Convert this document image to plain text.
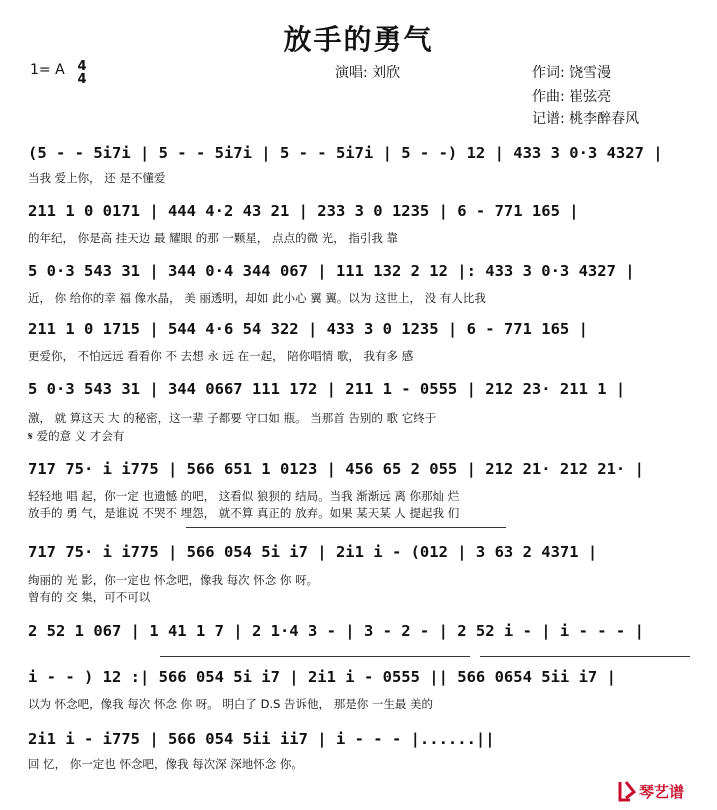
放手的勇气
1= A 4
4	演唱: 刘欣	作词: 饶雪漫
作曲: 崔弦亮
记谱: 桃李醉春风
(5 - - 5i7i | 5 - - 5i7i | 5 - - 5i7i | 5 - -) 12 | 433 3 0·3 4327 |
当我 爱上你， 还 是不懂爱
211 1 0 0171 | 444 4·2 43 21 | 233 3 0 1235 | 6 - 771 165 |
的年纪， 你是高 挂天边 最 耀眼 的那 一颗星， 点点的微 光， 指引我 靠
5 0·3 543 31 | 344 0·4 344 067 | 111 132 2 12 |: 433 3 0·3 4327 |
近， 你 给你的幸 福 像水晶， 美 丽透明，却如 此小心 翼 翼。以为 这世上， 没 有人比我
211 1 0 1715 | 544 4·6 54 322 | 433 3 0 1235 | 6 - 771 165 |
更爱你， 不怕远远 看看你 不 去想 永 远 在一起， 陪你唱情 歌， 我有多 感
5 0·3 543 31 | 344 0667 111 172 | 211 1 - 0555 | 212 23· 211 1 |
激， 就 算这天 大 的秘密，这一辈 子都要 守口如 瓶。 当那首 告别的 歌 它终于
𝄋 爱的意 义 才会有
717 75· i i775 | 566 651 1 0123 | 456 65 2 055 | 212 21· 212 21· |
轻轻地 唱 起，你一定 也遗憾 的吧， 这看似 狼狈的 结局。当我 渐渐远 离 你那灿 烂
放手的 勇 气，是谁说 不哭不 埋怨， 就不算 真正的 放弃。如果 某天某 人 提起我 们
717 75· i i775 | 566 054 5i i7 | 2i1 i - (012 | 3 63 2 4371 |
绚丽的 光 影，你一定也 怀念吧，像我 每次 怀念 你 呀。
曾有的 交 集，可不可以
2 52 1 067 | 1 41 1 7 | 2 1·4 3 - | 3 - 2 - | 2 52 i - | i - - - |
i - - ) 12 :| 566 054 5i i7 | 2i1 i - 0555 || 566 0654 5ii i7 |
以为 怀念吧，像我 每次 怀念 你 呀。 明白了 D.S 告诉他， 那是你 一生最 美的
2i1 i - i775 | 566 054 5ii ii7 | i - - - |......||
回 忆， 你一定也 怀念吧，像我 每次深 深地怀念 你。
琴艺谱
